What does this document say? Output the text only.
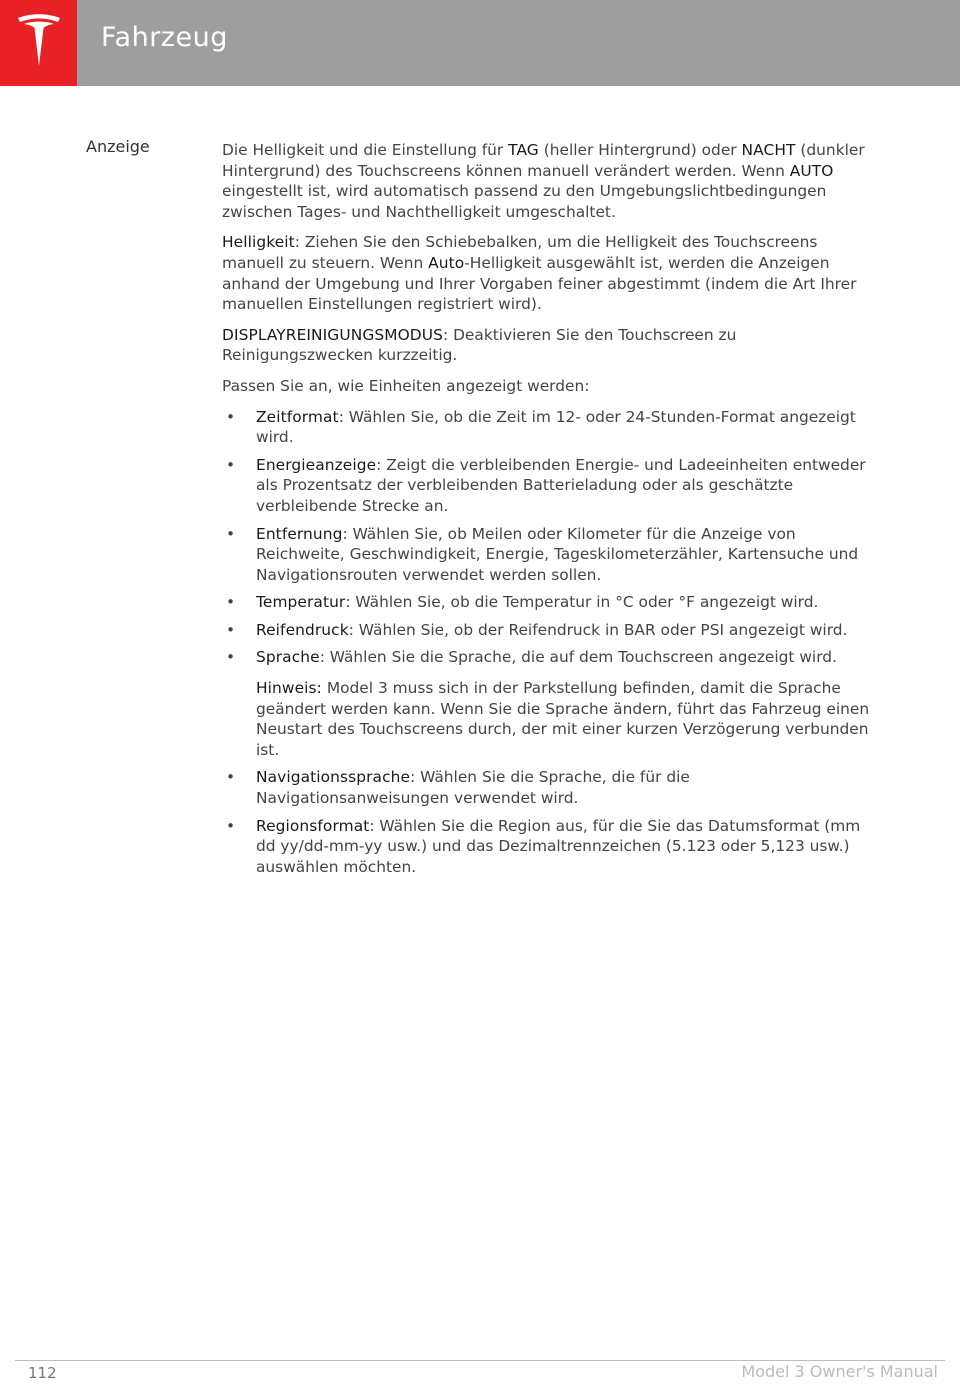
Fahrzeug
Anzeige	Die Helligkeit und die Einstellung für TAG (heller Hintergrund) oder NACHT (dunkler Hintergrund) des Touchscreens können manuell verändert werden. Wenn AUTO eingestellt ist, wird automatisch passend zu den Umgebungslichtbedingungen zwischen Tages- und Nachthelligkeit umgeschaltet.

Helligkeit: Ziehen Sie den Schiebebalken, um die Helligkeit des Touchscreens manuell zu steuern. Wenn Auto-Helligkeit ausgewählt ist, werden die Anzeigen anhand der Umgebung und Ihrer Vorgaben feiner abgestimmt (indem die Art Ihrer manuellen Einstellungen registriert wird).

DISPLAYREINIGUNGSMODUS: Deaktivieren Sie den Touchscreen zu Reinigungszwecken kurzzeitig.

Passen Sie an, wie Einheiten angezeigt werden:

• Zeitformat: Wählen Sie, ob die Zeit im 12- oder 24-Stunden-Format angezeigt wird.
• Energieanzeige: Zeigt die verbleibenden Energie- und Ladeeinheiten entweder als Prozentsatz der verbleibenden Batterieladung oder als geschätzte verbleibende Strecke an.
• Entfernung: Wählen Sie, ob Meilen oder Kilometer für die Anzeige von Reichweite, Geschwindigkeit, Energie, Tageskilometerzähler, Kartensuche und Navigationsrouten verwendet werden sollen.
• Temperatur: Wählen Sie, ob die Temperatur in °C oder °F angezeigt wird.
• Reifendruck: Wählen Sie, ob der Reifendruck in BAR oder PSI angezeigt wird.
• Sprache: Wählen Sie die Sprache, die auf dem Touchscreen angezeigt wird.
Hinweis: Model 3 muss sich in der Parkstellung befinden, damit die Sprache geändert werden kann. Wenn Sie die Sprache ändern, führt das Fahrzeug einen Neustart des Touchscreens durch, der mit einer kurzen Verzögerung verbunden ist.
• Navigationssprache: Wählen Sie die Sprache, die für die Navigationsanweisungen verwendet wird.
• Regionsformat: Wählen Sie die Region aus, für die Sie das Datumsformat (mm dd yy/dd-mm-yy usw.) und das Dezimaltrennzeichen (5.123 oder 5,123 usw.) auswählen möchten.
112	Model 3 Owner's Manual
